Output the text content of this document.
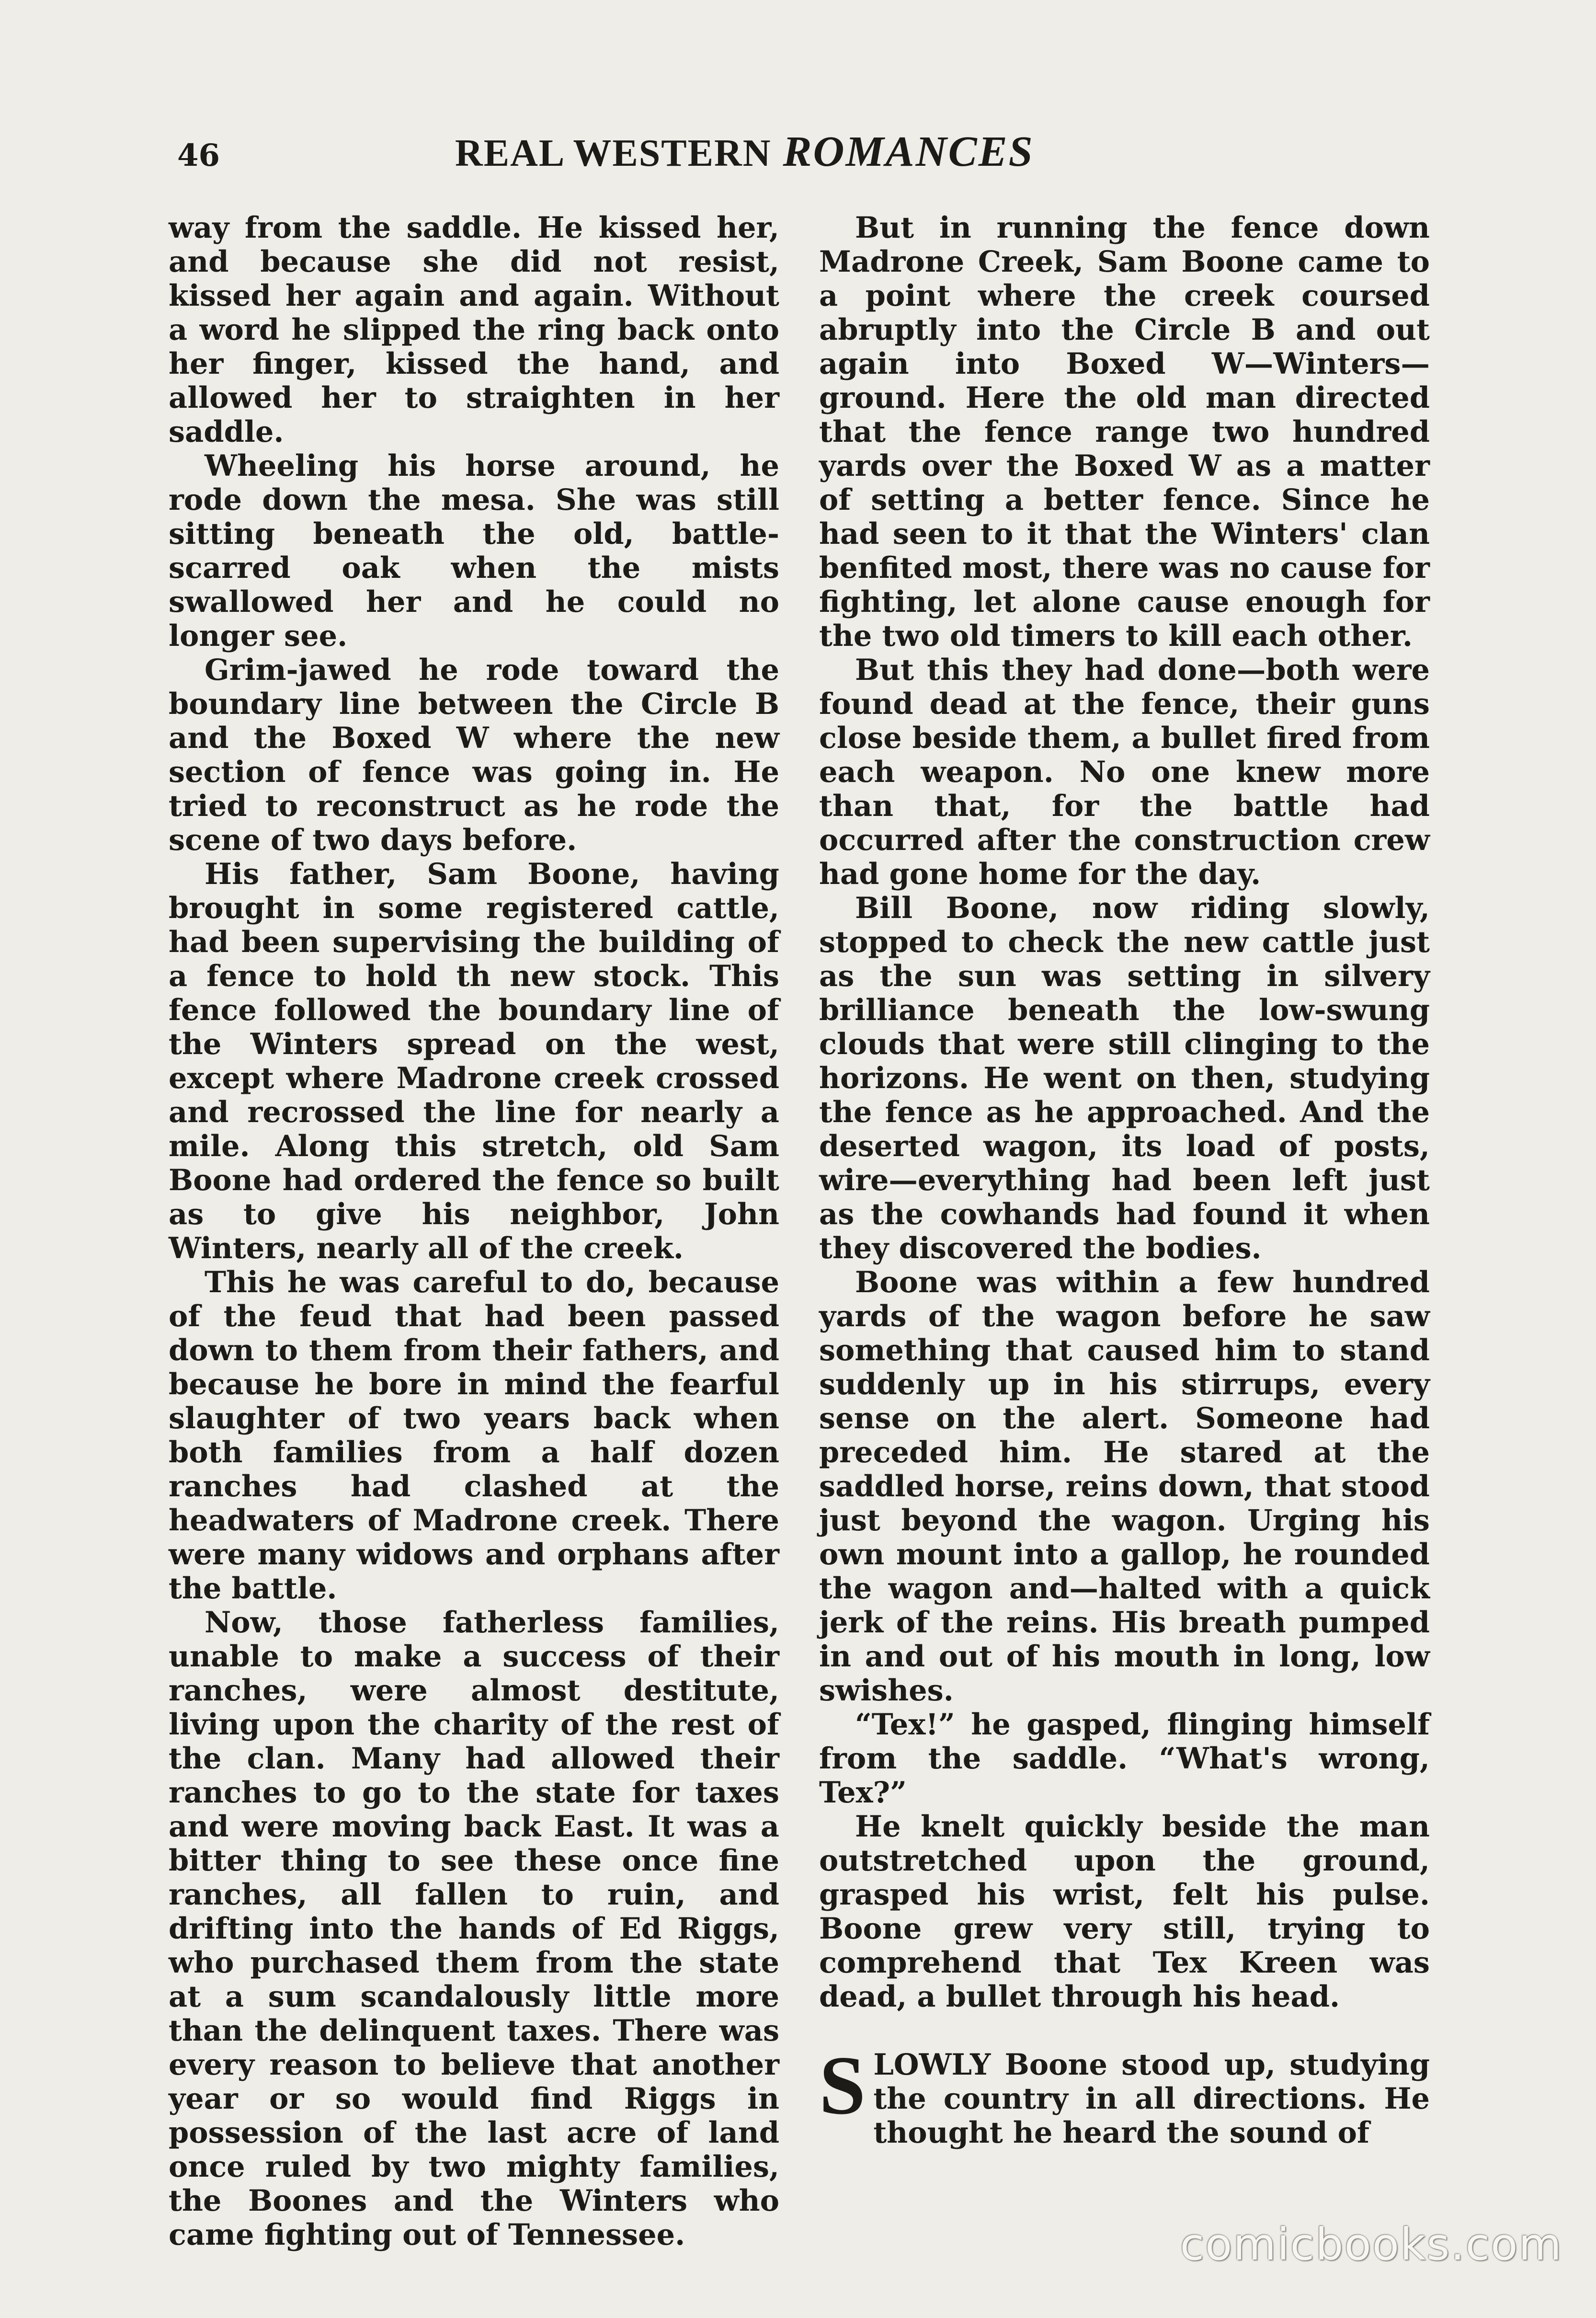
46	REAL WESTERN ROMANCES

way from the saddle. He kissed her, and because she did not resist, kissed her again and again. Without a word he slipped the ring back onto her finger, kissed the hand, and allowed her to straighten in her saddle.

Wheeling his horse around, he rode down the mesa. She was still sitting beneath the old, battle-scarred oak when the mists swallowed her and he could no longer see.

Grim-jawed he rode toward the boundary line between the Circle B and the Boxed W where the new section of fence was going in. He tried to reconstruct as he rode the scene of two days before.

His father, Sam Boone, having brought in some registered cattle, had been supervising the building of a fence to hold th new stock. This fence followed the boundary line of the Winters spread on the west, except where Madrone creek crossed and recrossed the line for nearly a mile. Along this stretch, old Sam Boone had ordered the fence so built as to give his neighbor, John Winters, nearly all of the creek.

This he was careful to do, because of the feud that had been passed down to them from their fathers, and because he bore in mind the fearful slaughter of two years back when both families from a half dozen ranches had clashed at the headwaters of Madrone creek. There were many widows and orphans after the battle.

Now, those fatherless families, unable to make a success of their ranches, were almost destitute, living upon the charity of the rest of the clan. Many had allowed their ranches to go to the state for taxes and were moving back East. It was a bitter thing to see these once fine ranches, all fallen to ruin, and drifting into the hands of Ed Riggs, who purchased them from the state at a sum scandalously little more than the delinquent taxes. There was every reason to believe that another year or so would find Riggs in possession of the last acre of land once ruled by two mighty families, the Boones and the Winters who came fighting out of Tennessee.

But in running the fence down Madrone Creek, Sam Boone came to a point where the creek coursed abruptly into the Circle B and out again into Boxed W—Winters—ground. Here the old man directed that the fence range two hundred yards over the Boxed W as a matter of setting a better fence. Since he had seen to it that the Winters' clan benfited most, there was no cause for fighting, let alone cause enough for the two old timers to kill each other.

But this they had done—both were found dead at the fence, their guns close beside them, a bullet fired from each weapon. No one knew more than that, for the battle had occurred after the construction crew had gone home for the day.

Bill Boone, now riding slowly, stopped to check the new cattle just as the sun was setting in silvery brilliance beneath the low-swung clouds that were still clinging to the horizons. He went on then, studying the fence as he approached. And the deserted wagon, its load of posts, wire—everything had been left just as the cowhands had found it when they discovered the bodies.

Boone was within a few hundred yards of the wagon before he saw something that caused him to stand suddenly up in his stirrups, every sense on the alert. Someone had preceded him. He stared at the saddled horse, reins down, that stood just beyond the wagon. Urging his own mount into a gallop, he rounded the wagon and—halted with a quick jerk of the reins. His breath pumped in and out of his mouth in long, low swishes.

“Tex!” he gasped, flinging himself from the saddle. “What's wrong, Tex?”

He knelt quickly beside the man outstretched upon the ground, grasped his wrist, felt his pulse. Boone grew very still, trying to comprehend that Tex Kreen was dead, a bullet through his head.

SLOWLY Boone stood up, studying the country in all directions. He thought he heard the sound of

comicbooks.com
